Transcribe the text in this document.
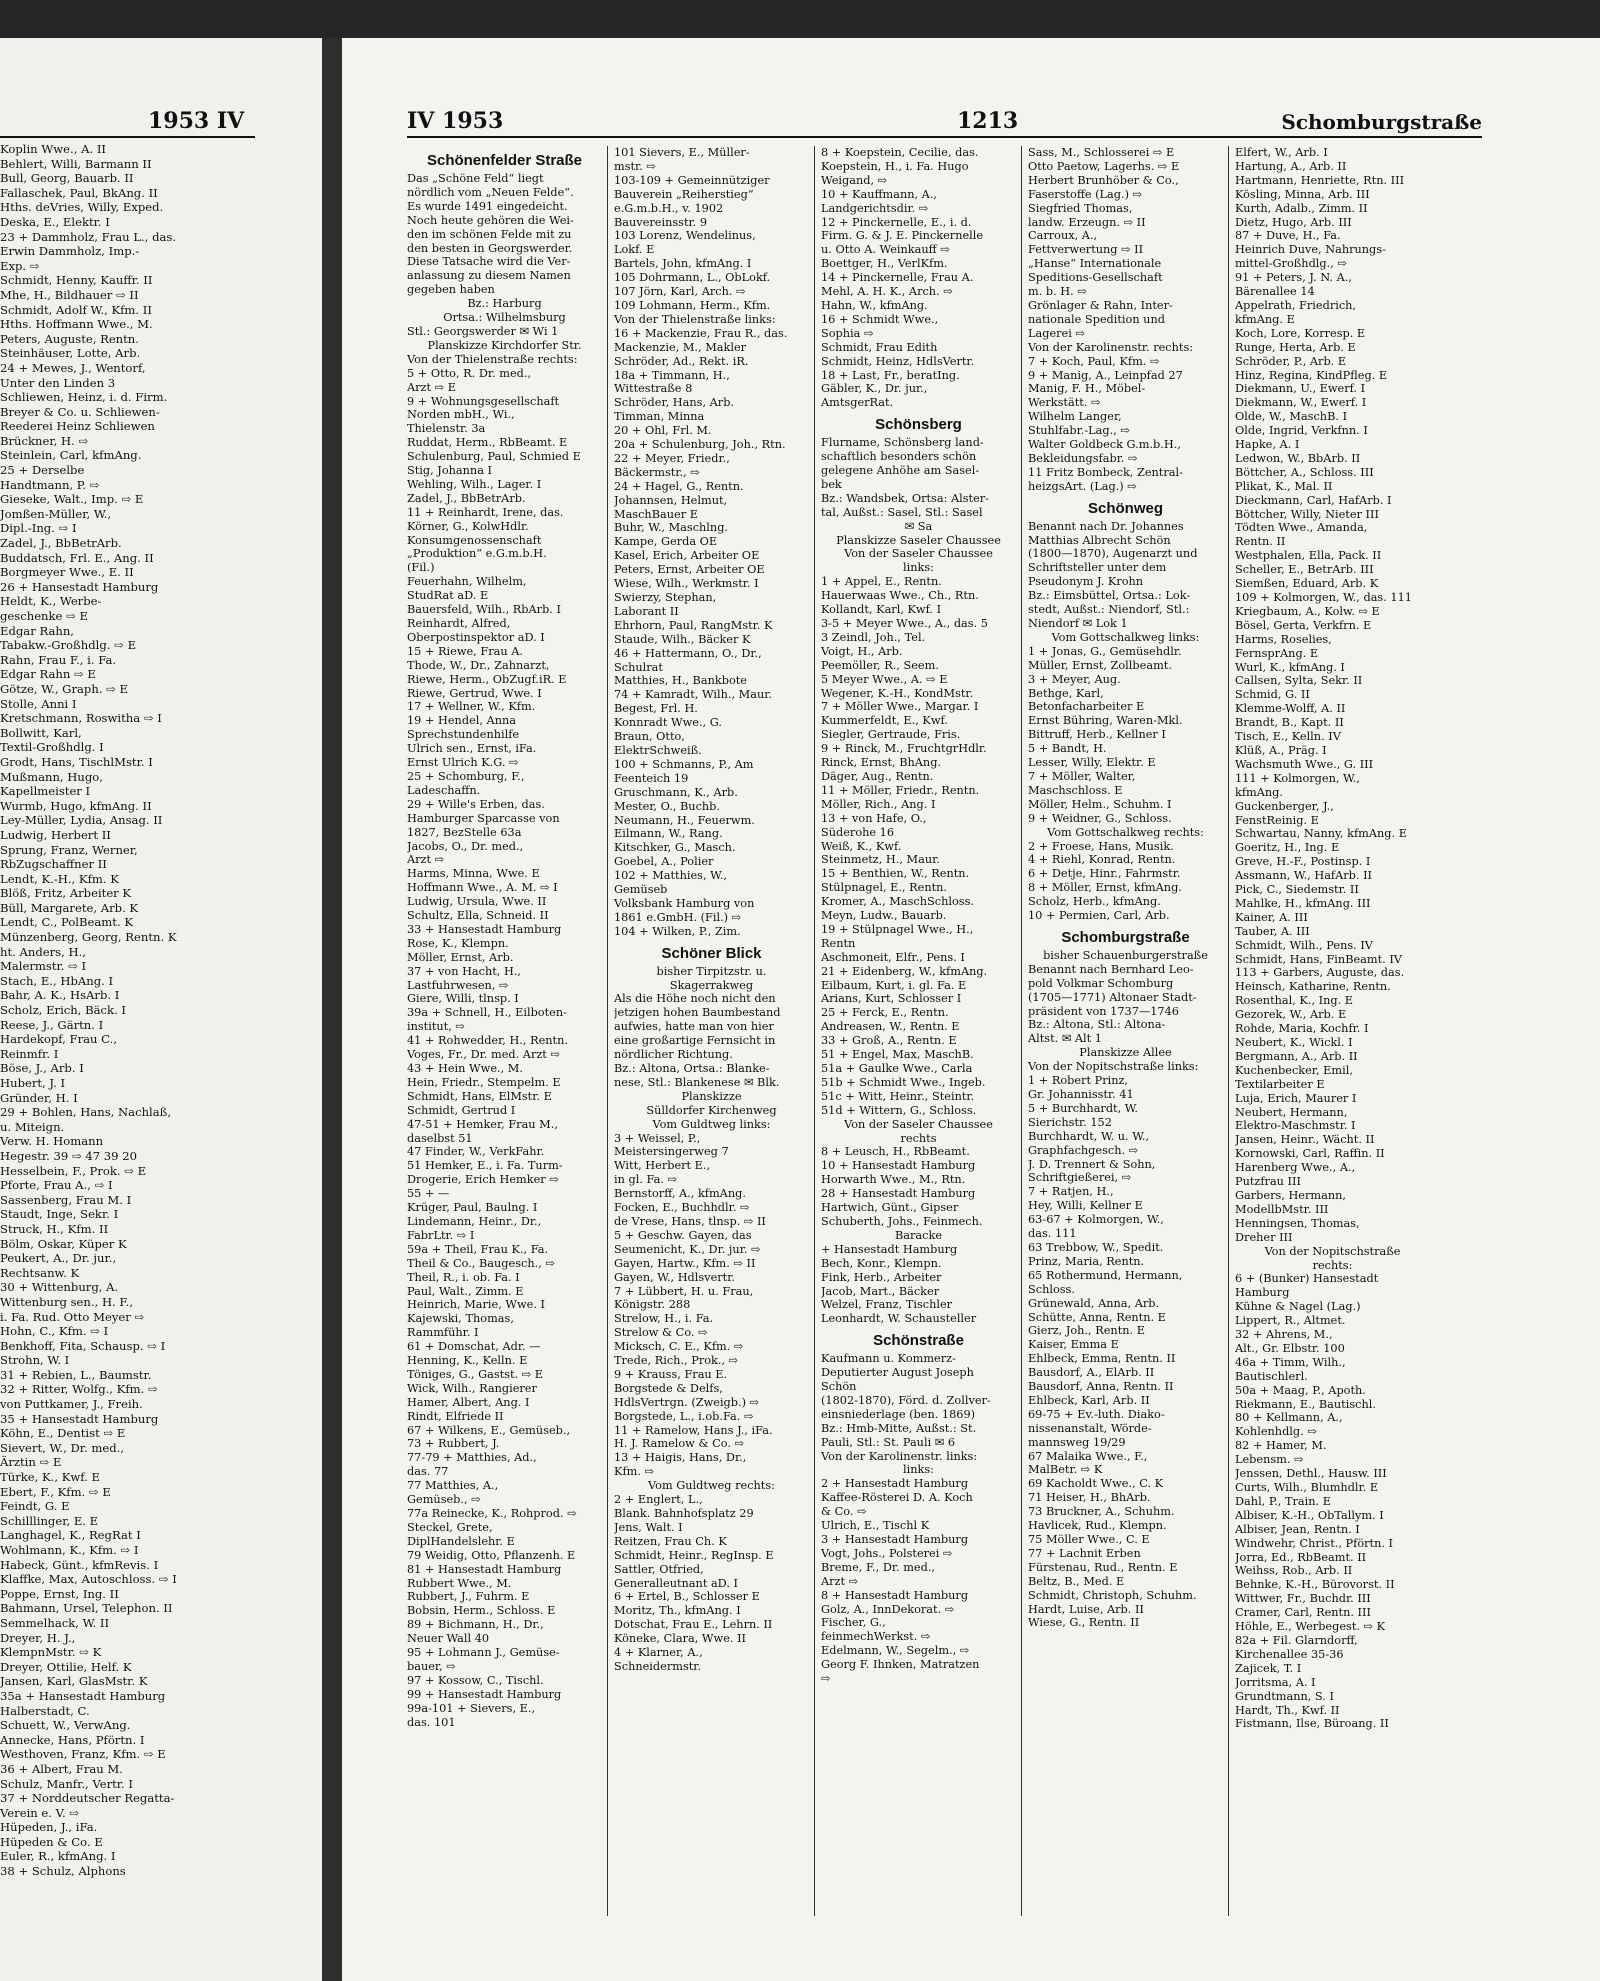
1953 IV
Koplin Wwe., A. II
Behlert, Willi, Barmann II
Bull, Georg, Bauarb. II
Fallaschek, Paul, BkAng. II
Hths. deVries, Willy, Exped.
Deska, E., Elektr. I
23 + Dammholz, Frau L., das.
Erwin Dammholz, Imp.-
Exp. ⇨
Schmidt, Henny, Kauffr. II
Mhe, H., Bildhauer ⇨ II
Schmidt, Adolf W., Kfm. II
Hths. Hoffmann Wwe., M.
Peters, Auguste, Rentn.
Steinhäuser, Lotte, Arb.
24 + Mewes, J., Wentorf,
Unter den Linden 3
Schliewen, Heinz, i. d. Firm.
Breyer & Co. u. Schliewen-
Reederei Heinz Schliewen
Brückner, H. ⇨
Steinlein, Carl, kfmAng.
25 + Derselbe
Handtmann, P. ⇨
Gieseke, Walt., Imp. ⇨ E
Jomßen-Müller, W.,
Dipl.-Ing. ⇨ I
Zadel, J., BbBetrArb.
Buddatsch, Frl. E., Ang. II
Borgmeyer Wwe., E. II
26 + Hansestadt Hamburg
Heldt, K., Werbe-
geschenke ⇨ E
Edgar Rahn,
Tabakw.-Großhdlg. ⇨ E
Rahn, Frau F., i. Fa.
Edgar Rahn ⇨ E
Götze, W., Graph. ⇨ E
Stolle, Anni I
Kretschmann, Roswitha ⇨ I
Bollwitt, Karl,
Textil-Großhdlg. I
Grodt, Hans, TischlMstr. I
Mußmann, Hugo,
Kapellmeister I
Wurmb, Hugo, kfmAng. II
Ley-Müller, Lydia, Ansag. II
Ludwig, Herbert II
Sprung, Franz, Werner,
RbZugschaffner II
Lendt, K.-H., Kfm. K
Blöß, Fritz, Arbeiter K
Büll, Margarete, Arb. K
Lendt, C., PolBeamt. K
Münzenberg, Georg, Rentn. K
ht. Anders, H.,
Malermstr. ⇨ I
Stach, E., HbAng. I
Bahr, A. K., HsArb. I
Scholz, Erich, Bäck. I
Reese, J., Gärtn. I
Hardekopf, Frau C.,
Reinmfr. I
Böse, J., Arb. I
Hubert, J. I
Gründer, H. I
29 + Bohlen, Hans, Nachlaß,
u. Miteign.
Verw. H. Homann
Hegestr. 39 ⇨ 47 39 20
Hesselbein, F., Prok. ⇨ E
Pforte, Frau A., ⇨ I
Sassenberg, Frau M. I
Staudt, Inge, Sekr. I
Struck, H., Kfm. II
Bölm, Oskar, Küper K
Peukert, A., Dr. jur.,
Rechtsanw. K
30 + Wittenburg, A.
Wittenburg sen., H. F.,
i. Fa. Rud. Otto Meyer ⇨
Hohn, C., Kfm. ⇨ I
Benkhoff, Fita, Schausp. ⇨ I
Strohn, W. I
31 + Rebien, L., Baumstr.
32 + Ritter, Wolfg., Kfm. ⇨
von Puttkamer, J., Freih.
35 + Hansestadt Hamburg
Köhn, E., Dentist ⇨ E
Sievert, W., Dr. med.,
Ärztin ⇨ E
Türke, K., Kwf. E
Ebert, F., Kfm. ⇨ E
Feindt, G. E
Schilllinger, E. E
Langhagel, K., RegRat I
Wohlmann, K., Kfm. ⇨ I
Habeck, Günt., kfmRevis. I
Klaffke, Max, Autoschloss. ⇨ I
Poppe, Ernst, Ing. II
Bahmann, Ursel, Telephon. II
Semmelhack, W. II
Dreyer, H. J.,
KlempnMstr. ⇨ K
Dreyer, Ottilie, Helf. K
Jansen, Karl, GlasMstr. K
35a + Hansestadt Hamburg
Halberstadt, C.
Schuett, W., VerwAng.
Annecke, Hans, Pförtn. I
Westhoven, Franz, Kfm. ⇨ E
36 + Albert, Frau M.
Schulz, Manfr., Vertr. I
37 + Norddeutscher Regatta-
Verein e. V. ⇨
Hüpeden, J., iFa.
Hüpeden & Co. E
Euler, R., kfmAng. I
38 + Schulz, Alphons
IV 1953	1213	Schomburgstraße
Schönenfelder Straße
Das „Schöne Feld“ liegt
nördlich vom „Neuen Felde“.
Es wurde 1491 eingedeicht.
Noch heute gehören die Wei-
den im schönen Felde mit zu
den besten in Georgswerder.
Diese Tatsache wird die Ver-
anlassung zu diesem Namen
gegeben haben
Bz.: Harburg
Ortsa.: Wilhelmsburg
Stl.: Georgswerder ✉ Wi 1
Planskizze Kirchdorfer Str.
Von der Thielenstraße rechts:
5 + Otto, R. Dr. med.,
Arzt ⇨ E
9 + Wohnungsgesellschaft
Norden mbH., Wi.,
Thielenstr. 3a
Ruddat, Herm., RbBeamt. E
Schulenburg, Paul, Schmied E
Stig, Johanna I
Wehling, Wilh., Lager. I
Zadel, J., BbBetrArb.
11 + Reinhardt, Irene, das.
Körner, G., KolwHdlr.
Konsumgenossenschaft
„Produktion“ e.G.m.b.H.
(Fil.)
Feuerhahn, Wilhelm,
StudRat aD. E
Bauersfeld, Wilh., RbArb. I
Reinhardt, Alfred,
Oberpostinspektor aD. I
15 + Riewe, Frau A.
Thode, W., Dr., Zahnarzt,
Riewe, Herm., ObZugf.iR. E
Riewe, Gertrud, Wwe. I
17 + Wellner, W., Kfm.
19 + Hendel, Anna
Sprechstundenhilfe
Ulrich sen., Ernst, iFa.
Ernst Ulrich K.G. ⇨
25 + Schomburg, F.,
Ladeschaffn.
29 + Wille's Erben, das.
Hamburger Sparcasse von
1827, BezStelle 63a
Jacobs, O., Dr. med.,
Arzt ⇨
Harms, Minna, Wwe. E
Hoffmann Wwe., A. M. ⇨ I
Ludwig, Ursula, Wwe. II
Schultz, Ella, Schneid. II
33 + Hansestadt Hamburg
Rose, K., Klempn.
Möller, Ernst, Arb.
37 + von Hacht, H.,
Lastfuhrwesen, ⇨
Giere, Willi, tlnsp. I
39a + Schnell, H., Eilboten-
institut, ⇨
41 + Rohwedder, H., Rentn.
Voges, Fr., Dr. med. Arzt ⇨
43 + Hein Wwe., M.
Hein, Friedr., Stempelm. E
Schmidt, Hans, ElMstr. E
Schmidt, Gertrud I
47-51 + Hemker, Frau M.,
daselbst 51
47 Finder, W., VerkFahr.
51 Hemker, E., i. Fa. Turm-
Drogerie, Erich Hemker ⇨
55 + —
Krüger, Paul, Baulng. I
Lindemann, Heinr., Dr.,
FabrLtr. ⇨ I
59a + Theil, Frau K., Fa.
Theil & Co., Baugesch., ⇨
Theil, R., i. ob. Fa. I
Paul, Walt., Zimm. E
Heinrich, Marie, Wwe. I
Kajewski, Thomas,
Rammführ. I
61 + Domschat, Adr. —
Henning, K., Kelln. E
Töniges, G., Gastst. ⇨ E
Wick, Wilh., Rangierer
Hamer, Albert, Ang. I
Rindt, Elfriede II
67 + Wilkens, E., Gemüseb.,
73 + Rubbert, J.
77-79 + Matthies, Ad.,
das. 77
77 Matthies, A.,
Gemüseb., ⇨
77a Reinecke, K., Rohprod. ⇨
Steckel, Grete,
DiplHandelslehr. E
79 Weidig, Otto, Pflanzenh. E
81 + Hansestadt Hamburg
Rubbert Wwe., M.
Rubbert, J., Fuhrm. E
Bobsin, Herm., Schloss. E
89 + Bichmann, H., Dr.,
Neuer Wall 40
95 + Lohmann J., Gemüse-
bauer, ⇨
97 + Kossow, C., Tischl.
99 + Hansestadt Hamburg
99a-101 + Sievers, E.,
das. 101
101 Sievers, E., Müller-
mstr. ⇨
103-109 + Gemeinnütziger
Bauverein „Reiherstieg“
e.G.m.b.H., v. 1902
Bauvereinsstr. 9
103 Lorenz, Wendelinus,
Lokf. E
Bartels, John, kfmAng. I
105 Dohrmann, L., ObLokf.
107 Jörn, Karl, Arch. ⇨
109 Lohmann, Herm., Kfm.
Von der Thielenstraße links:
16 + Mackenzie, Frau R., das.
Mackenzie, M., Makler
Schröder, Ad., Rekt. iR.
18a + Timmann, H.,
Wittestraße 8
Schröder, Hans, Arb.
Timman, Minna
20 + Ohl, Frl. M.
20a + Schulenburg, Joh., Rtn.
22 + Meyer, Friedr.,
Bäckermstr., ⇨
24 + Hagel, G., Rentn.
Johannsen, Helmut,
MaschBauer E
Buhr, W., Maschlng.
Kampe, Gerda OE
Kasel, Erich, Arbeiter OE
Peters, Ernst, Arbeiter OE
Wiese, Wilh., Werkmstr. I
Swierzy, Stephan,
Laborant II
Ehrhorn, Paul, RangMstr. K
Staude, Wilh., Bäcker K
46 + Hattermann, O., Dr.,
Schulrat
Matthies, H., Bankbote
74 + Kamradt, Wilh., Maur.
Begest, Frl. H.
Konnradt Wwe., G.
Braun, Otto,
ElektrSchweiß.
100 + Schmanns, P., Am
Feenteich 19
Gruschmann, K., Arb.
Mester, O., Buchb.
Neumann, H., Feuerwm.
Eilmann, W., Rang.
Kitschker, G., Masch.
Goebel, A., Polier
102 + Matthies, W.,
Gemüseb
Volksbank Hamburg von
1861 e.GmbH. (Fil.) ⇨
104 + Wilken, P., Zim.
Schöner Blick
bisher Tirpitzstr. u.
Skagerrakweg
Als die Höhe noch nicht den
jetzigen hohen Baumbestand
aufwies, hatte man von hier
eine großartige Fernsicht in
nördlicher Richtung.
Bz.: Altona, Ortsa.: Blanke-
nese, Stl.: Blankenese ✉ Blk.
Planskizze
Sülldorfer Kirchenweg
Vom Guldtweg links:
3 + Weissel, P.,
Meistersingerweg 7
Witt, Herbert E.,
in gl. Fa. ⇨
Bernstorff, A., kfmAng.
Focken, E., Buchhdlr. ⇨
de Vrese, Hans, tlnsp. ⇨ II
5 + Geschw. Gayen, das
Seumenicht, K., Dr. jur. ⇨
Gayen, Hartw., Kfm. ⇨ II
Gayen, W., Hdlsvertr.
7 + Lübbert, H. u. Frau,
Königstr. 288
Strelow, H., i. Fa.
Strelow & Co. ⇨
Micksch, C. E., Kfm. ⇨
Trede, Rich., Prok., ⇨
9 + Krauss, Frau E.
Borgstede & Delfs,
HdlsVertrgn. (Zweigb.) ⇨
Borgstede, L., i.ob.Fa. ⇨
11 + Ramelow, Hans J., iFa.
H. J. Ramelow & Co. ⇨
13 + Haigis, Hans, Dr.,
Kfm. ⇨
Vom Guldtweg rechts:
2 + Englert, L.,
Blank. Bahnhofsplatz 29
Jens, Walt. I
Reitzen, Frau Ch. K
Schmidt, Heinr., RegInsp. E
Sattler, Otfried,
Generalleutnant aD. I
6 + Ertel, B., Schlosser E
Moritz, Th., kfmAng. I
Dotschat, Frau E., Lehrn. II
Köneke, Clara, Wwe. II
4 + Klarner, A.,
Schneidermstr.
8 + Koepstein, Cecilie, das.
Koepstein, H., i. Fa. Hugo
Weigand, ⇨
10 + Kauffmann, A.,
Landgerichtsdir. ⇨
12 + Pinckernelle, E., i. d.
Firm. G. & J. E. Pinckernelle
u. Otto A. Weinkauff ⇨
Boettger, H., VerlKfm.
14 + Pinckernelle, Frau A.
Mehl, A. H. K., Arch. ⇨
Hahn, W., kfmAng.
16 + Schmidt Wwe.,
Sophia ⇨
Schmidt, Frau Edith
Schmidt, Heinz, HdlsVertr.
18 + Last, Fr., beratIng.
Gäbler, K., Dr. jur.,
AmtsgerRat.
Schönsberg
Flurname, Schönsberg land-
schaftlich besonders schön
gelegene Anhöhe am Sasel-
bek
Bz.: Wandsbek, Ortsa: Alster-
tal, Außst.: Sasel, Stl.: Sasel
✉ Sa
Planskizze Saseler Chaussee
Von der Saseler Chaussee
links:
1 + Appel, E., Rentn.
Hauerwaas Wwe., Ch., Rtn.
Kollandt, Karl, Kwf. I
3-5 + Meyer Wwe., A., das. 5
3 Zeindl, Joh., Tel.
Voigt, H., Arb.
Peemöller, R., Seem.
5 Meyer Wwe., A. ⇨ E
Wegener, K.-H., KondMstr.
7 + Möller Wwe., Margar. I
Kummerfeldt, E., Kwf.
Siegler, Gertraude, Fris.
9 + Rinck, M., FruchtgrHdlr.
Rinck, Ernst, BhAng.
Däger, Aug., Rentn.
11 + Möller, Friedr., Rentn.
Möller, Rich., Ang. I
13 + von Hafe, O.,
Süderohe 16
Weiß, K., Kwf.
Steinmetz, H., Maur.
15 + Benthien, W., Rentn.
Stülpnagel, E., Rentn.
Kromer, A., MaschSchloss.
Meyn, Ludw., Bauarb.
19 + Stülpnagel Wwe., H.,
Rentn
Aschmoneit, Elfr., Pens. I
21 + Eidenberg, W., kfmAng.
Eilbaum, Kurt, i. gl. Fa. E
Arians, Kurt, Schlosser I
25 + Ferck, E., Rentn.
Andreasen, W., Rentn. E
33 + Groß, A., Rentn. E
51 + Engel, Max, MaschB.
51a + Gaulke Wwe., Carla
51b + Schmidt Wwe., Ingeb.
51c + Witt, Heinr., Steintr.
51d + Wittern, G., Schloss.
Von der Saseler Chaussee
rechts
8 + Leusch, H., RbBeamt.
10 + Hansestadt Hamburg
Horwarth Wwe., M., Rtn.
28 + Hansestadt Hamburg
Hartwich, Günt., Gipser
Schuberth, Johs., Feinmech.
Baracke
+ Hansestadt Hamburg
Bech, Konr., Klempn.
Fink, Herb., Arbeiter
Jacob, Mart., Bäcker
Welzel, Franz, Tischler
Leonhardt, W. Schausteller
Schönstraße
Kaufmann u. Kommerz-
Deputierter August Joseph
Schön
(1802-1870), Förd. d. Zollver-
einsniederlage (ben. 1869)
Bz.: Hmb-Mitte, Außst.: St.
Pauli, Stl.: St. Pauli ✉ 6
Von der Karolinenstr. links:
links:
2 + Hansestadt Hamburg
Kaffee-Rösterei D. A. Koch
& Co. ⇨
Ulrich, E., Tischl K
3 + Hansestadt Hamburg
Vogt, Johs., Polsterei ⇨
Breme, F., Dr. med.,
Arzt ⇨
8 + Hansestadt Hamburg
Golz, A., InnDekorat. ⇨
Fischer, G.,
feinmechWerkst. ⇨
Edelmann, W., Segelm., ⇨
Georg F. Ihnken, Matratzen
⇨
Sass, M., Schlosserei ⇨ E
Otto Paetow, Lagerhs. ⇨ E
Herbert Brunhöber & Co.,
Faserstoffe (Lag.) ⇨
Siegfried Thomas,
landw. Erzeugn. ⇨ II
Carroux, A.,
Fettverwertung ⇨ II
„Hanse“ Internationale
Speditions-Gesellschaft
m. b. H. ⇨
Grönlager & Rahn, Inter-
nationale Spedition und
Lagerei ⇨
Von der Karolinenstr. rechts:
7 + Koch, Paul, Kfm. ⇨
9 + Manig, A., Leinpfad 27
Manig, F. H., Möbel-
Werkstätt. ⇨
Wilhelm Langer,
Stuhlfabr.-Lag., ⇨
Walter Goldbeck G.m.b.H.,
Bekleidungsfabr. ⇨
11 Fritz Bombeck, Zentral-
heizgsArt. (Lag.) ⇨
Schönweg
Benannt nach Dr. Johannes
Matthias Albrecht Schön
(1800—1870), Augenarzt und
Schriftsteller unter dem
Pseudonym J. Krohn
Bz.: Eimsbüttel, Ortsa.: Lok-
stedt, Außst.: Niendorf, Stl.:
Niendorf ✉ Lok 1
Vom Gottschalkweg links:
1 + Jonas, G., Gemüsehdlr.
Müller, Ernst, Zollbeamt.
3 + Meyer, Aug.
Bethge, Karl,
Betonfacharbeiter E
Ernst Bühring, Waren-Mkl.
Bittruff, Herb., Kellner I
5 + Bandt, H.
Lesser, Willy, Elektr. E
7 + Möller, Walter,
Maschschloss. E
Möller, Helm., Schuhm. I
9 + Weidner, G., Schloss.
Vom Gottschalkweg rechts:
2 + Froese, Hans, Musik.
4 + Riehl, Konrad, Rentn.
6 + Detje, Hinr., Fahrmstr.
8 + Möller, Ernst, kfmAng.
Scholz, Herb., kfmAng.
10 + Permien, Carl, Arb.
Schomburgstraße
bisher Schauenburgerstraße
Benannt nach Bernhard Leo-
pold Volkmar Schomburg
(1705—1771) Altonaer Stadt-
präsident von 1737—1746
Bz.: Altona, Stl.: Altona-
Altst. ✉ Alt 1
Planskizze Allee
Von der Nopitschstraße links:
1 + Robert Prinz,
Gr. Johannisstr. 41
5 + Burchhardt, W.
Sierichstr. 152
Burchhardt, W. u. W.,
Graphfachgesch. ⇨
J. D. Trennert & Sohn,
Schriftgießerei, ⇨
7 + Ratjen, H.,
Hey, Willi, Kellner E
63-67 + Kolmorgen, W.,
das. 111
63 Trebbow, W., Spedit.
Prinz, Maria, Rentn.
65 Rothermund, Hermann,
Schloss.
Grünewald, Anna, Arb.
Schütte, Anna, Rentn. E
Gierz, Joh., Rentn. E
Kaiser, Emma E
Ehlbeck, Emma, Rentn. II
Bausdorf, A., ElArb. II
Bausdorf, Anna, Rentn. II
Ehlbeck, Karl, Arb. II
69-75 + Ev.-luth. Diako-
nissenanstalt, Wörde-
mannsweg 19/29
67 Malaika Wwe., F.,
MalBetr. ⇨ K
69 Kacholdt Wwe., C. K
71 Heiser, H., BhArb.
73 Bruckner, A., Schuhm.
Havlicek, Rud., Klempn.
75 Möller Wwe., C. E
77 + Lachnit Erben
Fürstenau, Rud., Rentn. E
Beltz, B., Med. E
Schmidt, Christoph, Schuhm.
Hardt, Luise, Arb. II
Wiese, G., Rentn. II
Elfert, W., Arb. I
Hartung, A., Arb. II
Hartmann, Henriette, Rtn. III
Kösling, Minna, Arb. III
Kurth, Adalb., Zimm. II
Dietz, Hugo, Arb. III
87 + Duve, H., Fa.
Heinrich Duve, Nahrungs-
mittel-Großhdlg., ⇨
91 + Peters, J. N. A.,
Bärenallee 14
Appelrath, Friedrich,
kfmAng. E
Koch, Lore, Korresp. E
Runge, Herta, Arb. E
Schröder, P., Arb. E
Hinz, Regina, KindPfleg. E
Diekmann, U., Ewerf. I
Diekmann, W., Ewerf. I
Olde, W., MaschB. I
Olde, Ingrid, Verkfnn. I
Hapke, A. I
Ledwon, W., BbArb. II
Böttcher, A., Schloss. III
Plikat, K., Mal. II
Dieckmann, Carl, HafArb. I
Böttcher, Willy, Nieter III
Tödten Wwe., Amanda,
Rentn. II
Westphalen, Ella, Pack. II
Scheller, E., BetrArb. III
Siemßen, Eduard, Arb. K
109 + Kolmorgen, W., das. 111
Kriegbaum, A., Kolw. ⇨ E
Bösel, Gerta, Verkfrn. E
Harms, Roselies,
FernsprAng. E
Wurl, K., kfmAng. I
Callsen, Sylta, Sekr. II
Schmid, G. II
Klemme-Wolff, A. II
Brandt, B., Kapt. II
Tisch, E., Kelln. IV
Klüß, A., Präg. I
Wachsmuth Wwe., G. III
111 + Kolmorgen, W.,
kfmAng.
Guckenberger, J.,
FenstReinig. E
Schwartau, Nanny, kfmAng. E
Goeritz, H., Ing. E
Greve, H.-F., Postinsp. I
Assmann, W., HafArb. II
Pick, C., Siedemstr. II
Mahlke, H., kfmAng. III
Kainer, A. III
Tauber, A. III
Schmidt, Wilh., Pens. IV
Schmidt, Hans, FinBeamt. IV
113 + Garbers, Auguste, das.
Heinsch, Katharine, Rentn.
Rosenthal, K., Ing. E
Gezorek, W., Arb. E
Rohde, Maria, Kochfr. I
Neubert, K., Wickl. I
Bergmann, A., Arb. II
Kuchenbecker, Emil,
Textilarbeiter E
Luja, Erich, Maurer I
Neubert, Hermann,
Elektro-Maschmstr. I
Jansen, Heinr., Wächt. II
Kornowski, Carl, Raffin. II
Harenberg Wwe., A.,
Putzfrau III
Garbers, Hermann,
ModellbMstr. III
Henningsen, Thomas,
Dreher III
Von der Nopitschstraße
rechts:
6 + (Bunker) Hansestadt
Hamburg
Kühne & Nagel (Lag.)
Lippert, R., Altmet.
32 + Ahrens, M.,
Alt., Gr. Elbstr. 100
46a + Timm, Wilh.,
Bautischlerl.
50a + Maag, P., Apoth.
Riekmann, E., Bautischl.
80 + Kellmann, A.,
Kohlenhdlg. ⇨
82 + Hamer, M.
Lebensm. ⇨
Jenssen, Dethl., Hausw. III
Curts, Wilh., Blumhdlr. E
Dahl, P., Train. E
Albiser, K.-H., ObTallym. I
Albiser, Jean, Rentn. I
Windwehr, Christ., Pförtn. I
Jorra, Ed., RbBeamt. II
Weihss, Rob., Arb. II
Behnke, K.-H., Bürovorst. II
Wittwer, Fr., Buchdr. III
Cramer, Carl, Rentn. III
Höhle, E., Werbegest. ⇨ K
82a + Fil. Glarndorff,
Kirchenallee 35-36
Zajicek, T. I
Jorritsma, A. I
Grundtmann, S. I
Hardt, Th., Kwf. II
Fistmann, Ilse, Büroang. II
